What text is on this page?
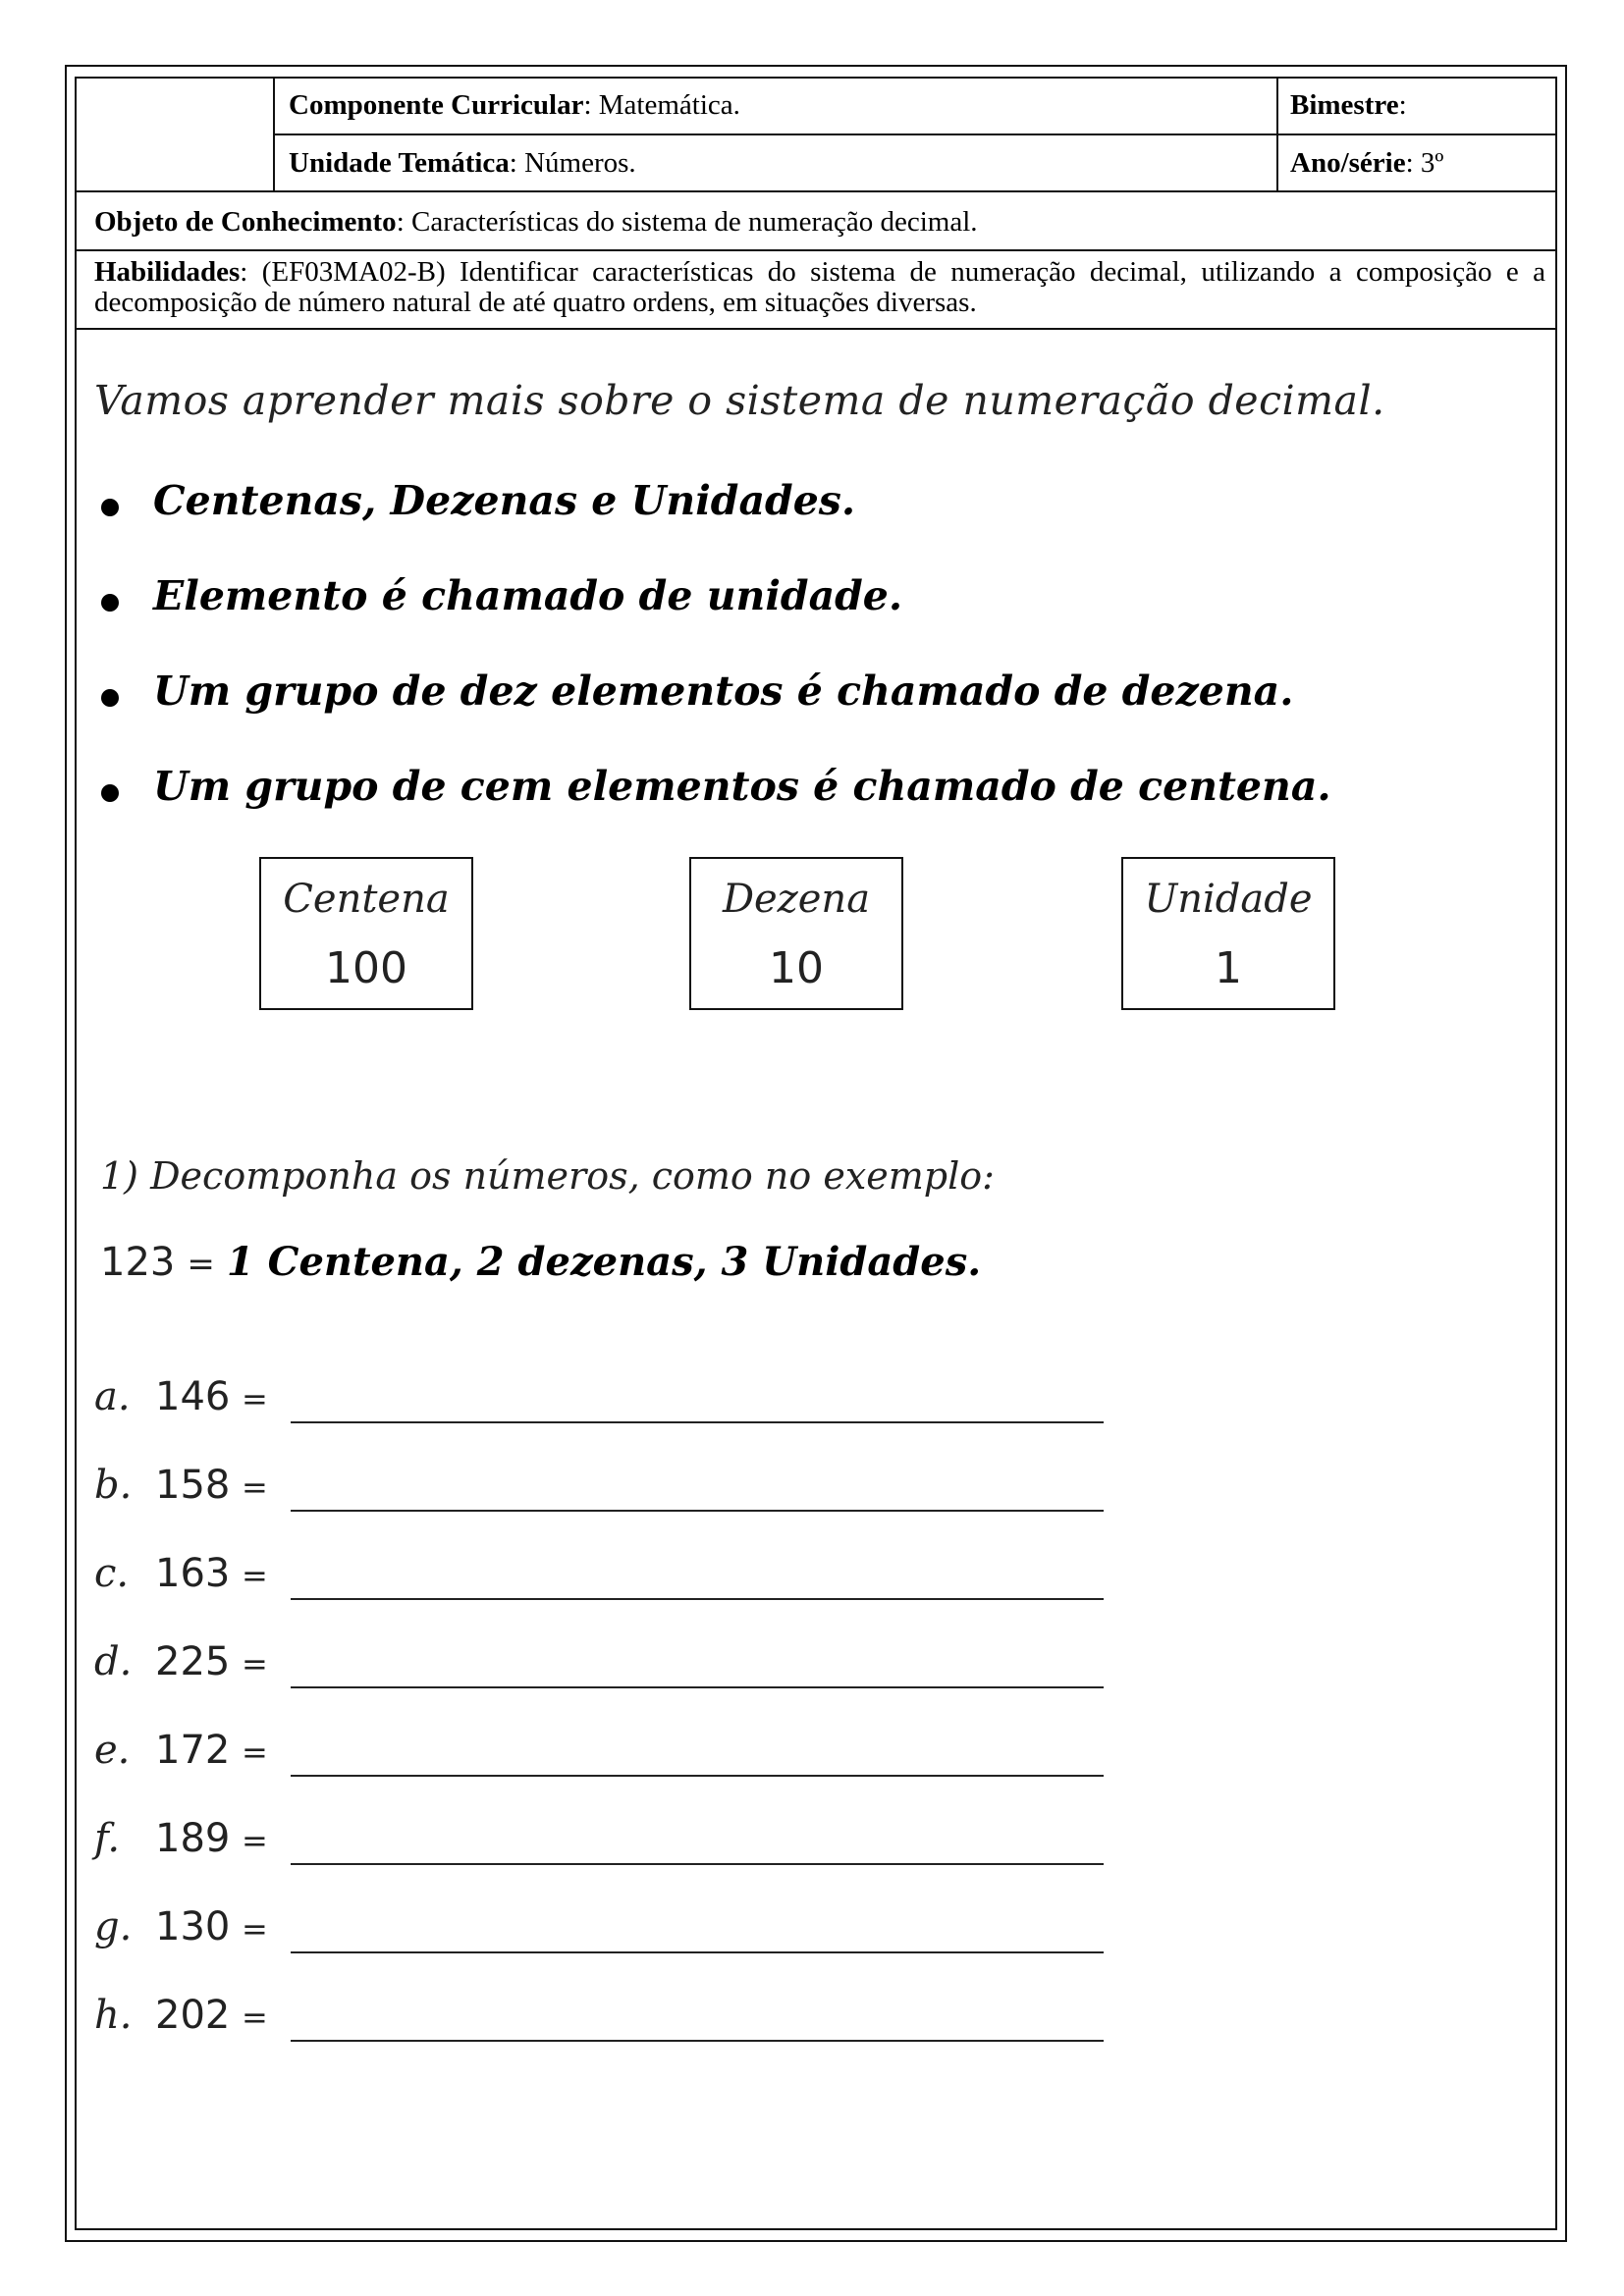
Componente Curricular: Matemática.	Bimestre:
Unidade Temática: Números.	Ano/série: 3º
Objeto de Conhecimento: Características do sistema de numeração decimal.
Habilidades: (EF03MA02-B) Identificar características do sistema de numeração decimal, utilizando a composição e a decomposição de número natural de até quatro ordens, em situações diversas.
Vamos aprender mais sobre o sistema de numeração decimal.
Centenas, Dezenas e Unidades.
Elemento é chamado de unidade.
Um grupo de dez elementos é chamado de dezena.
Um grupo de cem elementos é chamado de centena.
Centena
100
Dezena
10
Unidade
1
1) Decomponha os números, como no exemplo:
123 = 1 Centena, 2 dezenas, 3 Unidades.
a. 146 =
b. 158 =
c. 163 =
d. 225 =
e. 172 =
f. 189 =
g. 130 =
h. 202 =
